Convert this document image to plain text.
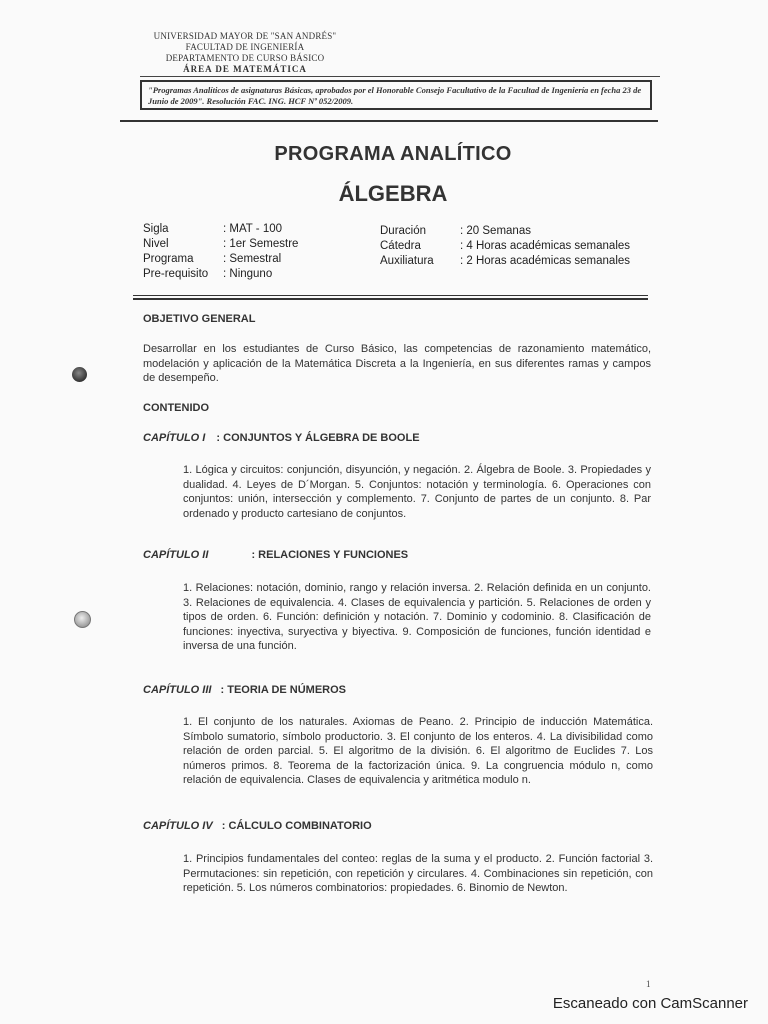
UNIVERSIDAD MAYOR DE "SAN ANDRÉS"
FACULTAD DE INGENIERÍA
DEPARTAMENTO DE CURSO BÁSICO
ÁREA DE MATEMÁTICA
"Programas Analíticos de asignaturas Básicas, aprobados por el Honorable Consejo Facultativo de la Facultad de Ingeniería en fecha 23 de Junio de 2009". Resolución FAC. ING. HCF Nº 052/2009.
PROGRAMA ANALÍTICO
ÁLGEBRA
Sigla	: MAT - 100
Nivel	: 1er Semestre
Programa	: Semestral
Pre-requisito	: Ninguno
Duración	: 20 Semanas
Cátedra	: 4 Horas académicas semanales
Auxiliatura	: 2 Horas académicas semanales
OBJETIVO GENERAL
Desarrollar en los estudiantes de Curso Básico, las competencias de razonamiento matemático, modelación y aplicación de la Matemática Discreta a la Ingeniería, en sus diferentes ramas y campos de desempeño.
CONTENIDO
CAPÍTULO I : CONJUNTOS Y ÁLGEBRA DE BOOLE
1. Lógica y circuitos: conjunción, disyunción, y negación. 2. Álgebra de Boole. 3. Propiedades y dualidad. 4. Leyes de D´Morgan. 5. Conjuntos: notación y terminología. 6. Operaciones con conjuntos: unión, intersección y complemento. 7. Conjunto de partes de un conjunto. 8. Par ordenado y producto cartesiano de conjuntos.
CAPÍTULO II	: RELACIONES Y FUNCIONES
1. Relaciones: notación, dominio, rango y relación inversa. 2. Relación definida en un conjunto. 3. Relaciones de equivalencia. 4. Clases de equivalencia y partición. 5. Relaciones de orden y tipos de orden. 6. Función: definición y notación. 7. Dominio y codominio. 8. Clasificación de funciones: inyectiva, suryectiva y biyectiva. 9. Composición de funciones, función identidad e inversa de una función.
CAPÍTULO III : TEORIA DE NÚMEROS
1. El conjunto de los naturales. Axiomas de Peano. 2. Principio de inducción Matemática. Símbolo sumatorio, símbolo productorio. 3. El conjunto de los enteros. 4. La divisibilidad como relación de orden parcial. 5. El algoritmo de la división. 6. El algoritmo de Euclides 7. Los números primos. 8. Teorema de la factorización única. 9. La congruencia módulo n, como relación de equivalencia. Clases de equivalencia y aritmética modulo n.
CAPÍTULO IV : CÁLCULO COMBINATORIO
1. Principios fundamentales del conteo: reglas de la suma y el producto. 2. Función factorial 3. Permutaciones: sin repetición, con repetición y circulares. 4. Combinaciones sin repetición, con repetición. 5. Los números combinatorios: propiedades. 6. Binomio de Newton.
1
Escaneado con CamScanner
